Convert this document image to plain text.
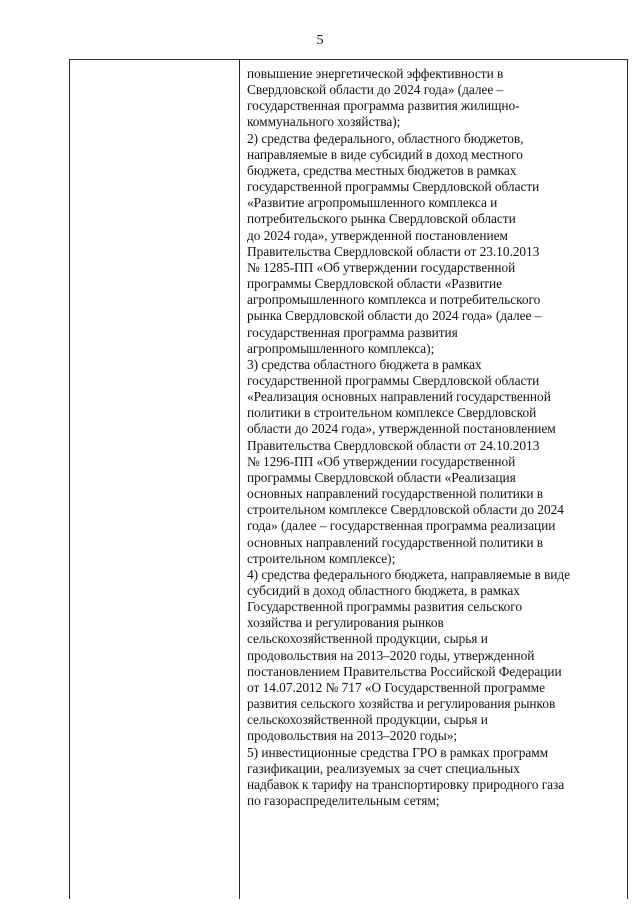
5
повышение энергетической эффективности в
Свердловской области до 2024 года» (далее –
государственная программа развития жилищно-
коммунального хозяйства);
2) средства федерального, областного бюджетов,
направляемые в виде субсидий в доход местного
бюджета, средства местных бюджетов в рамках
государственной программы Свердловской области
«Развитие агропромышленного комплекса и
потребительского рынка Свердловской области
до 2024 года», утвержденной постановлением
Правительства Свердловской области от 23.10.2013
№ 1285-ПП «Об утверждении государственной
программы Свердловской области «Развитие
агропромышленного комплекса и потребительского
рынка Свердловской области до 2024 года» (далее –
государственная программа развития
агропромышленного комплекса);
3) средства областного бюджета в рамках
государственной программы Свердловской области
«Реализация основных направлений государственной
политики в строительном комплексе Свердловской
области до 2024 года», утвержденной постановлением
Правительства Свердловской области от 24.10.2013
№ 1296-ПП «Об утверждении государственной
программы Свердловской области «Реализация
основных направлений государственной политики в
строительном комплексе Свердловской области до 2024
года» (далее – государственная программа реализации
основных направлений государственной политики в
строительном комплексе);
4) средства федерального бюджета, направляемые в виде
субсидий в доход областного бюджета, в рамках
Государственной программы развития сельского
хозяйства и регулирования рынков
сельскохозяйственной продукции, сырья и
продовольствия на 2013–2020 годы, утвержденной
постановлением Правительства Российской Федерации
от 14.07.2012 № 717 «О Государственной программе
развития сельского хозяйства и регулирования рынков
сельскохозяйственной продукции, сырья и
продовольствия на 2013–2020 годы»;
5) инвестиционные средства ГРО в рамках программ
газификации, реализуемых за счет специальных
надбавок к тарифу на транспортировку природного газа
по газораспределительным сетям;
